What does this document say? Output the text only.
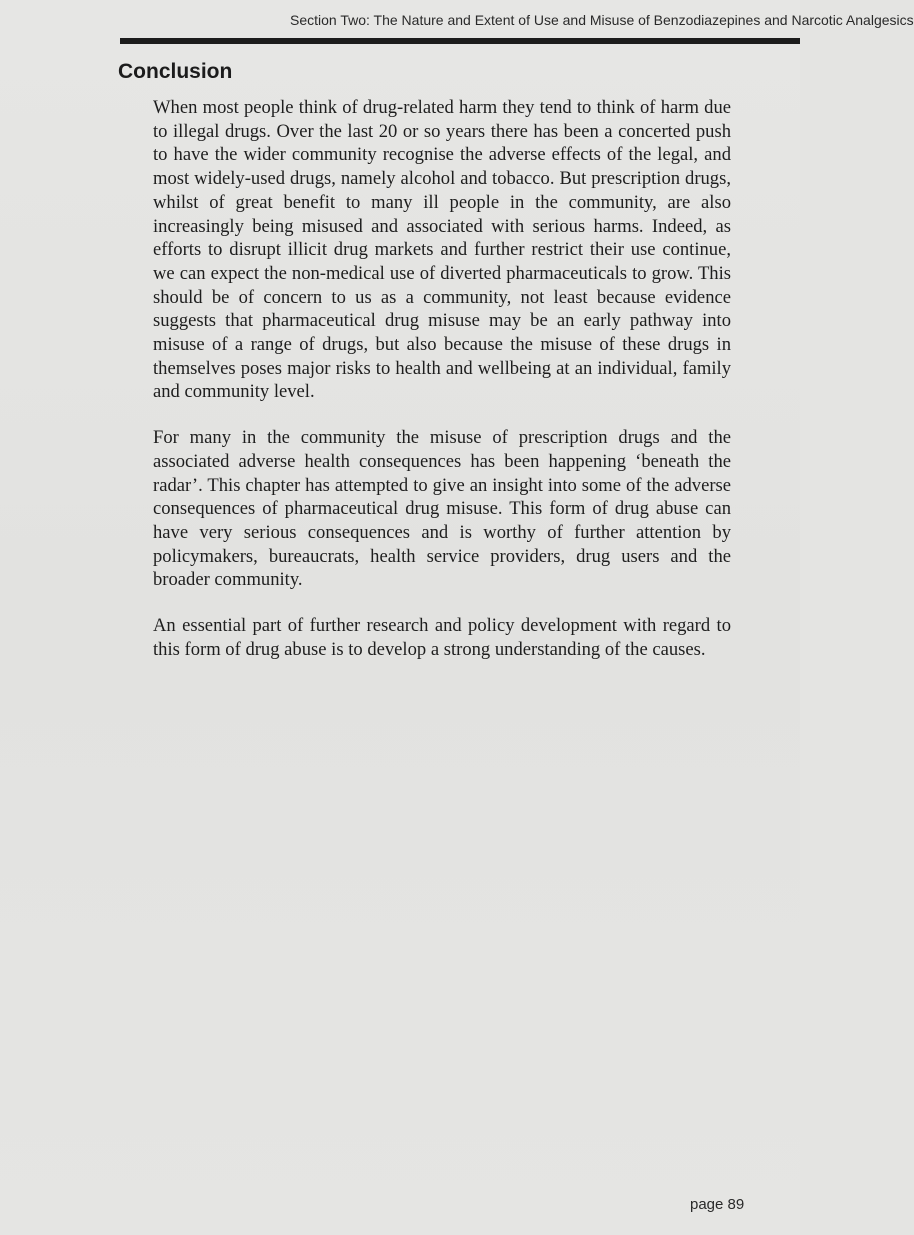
Section Two: The Nature and Extent of Use and Misuse of Benzodiazepines and Narcotic Analgesics
Conclusion

When most people think of drug-related harm they tend to think of harm due to illegal drugs. Over the last 20 or so years there has been a concerted push to have the wider community recognise the adverse effects of the legal, and most widely-used drugs, namely alcohol and tobacco. But prescription drugs, whilst of great benefit to many ill people in the community, are also increasingly being misused and associated with serious harms. Indeed, as efforts to disrupt illicit drug markets and further restrict their use continue, we can expect the non-medical use of diverted pharmaceuticals to grow. This should be of concern to us as a community, not least because evidence suggests that pharmaceutical drug misuse may be an early pathway into misuse of a range of drugs, but also because the misuse of these drugs in themselves poses major risks to health and wellbeing at an individual, family and community level.

For many in the community the misuse of prescription drugs and the associated adverse health consequences has been happening ‘beneath the radar’. This chapter has attempted to give an insight into some of the adverse consequences of pharmaceutical drug misuse. This form of drug abuse can have very serious consequences and is worthy of further attention by policymakers, bureaucrats, health service providers, drug users and the broader community.

An essential part of further research and policy development with regard to this form of drug abuse is to develop a strong understanding of the causes.

page 89
